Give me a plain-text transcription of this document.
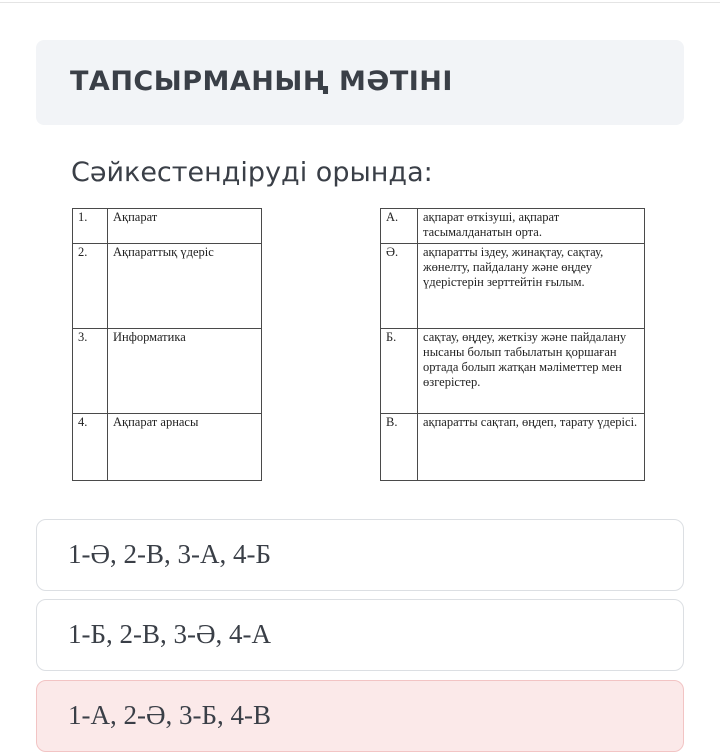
ТАПСЫРМАНЫҢ МӘТІНІ
Сәйкестендіруді орында:
1.	Ақпарат
2.	Ақпараттық үдеріс
3.	Информатика
4.	Ақпарат арнасы
А.	ақпарат өткізуші, ақпарат тасымалданатын орта.
Ә.	ақпаратты іздеу, жинақтау, сақтау, жөнелту, пайдалану және өңдеу үдерістерін зерттейтін ғылым.
Б.	сақтау, өңдеу, жеткізу және пайдалану нысаны болып табылатын қоршаған ортада болып жатқан мәліметтер мен өзгерістер.
В.	ақпаратты сақтап, өңдеп, тарату үдерісі.
1-Ә, 2-В, 3-А, 4-Б
1-Б, 2-В, 3-Ә, 4-А
1-А, 2-Ә, 3-Б, 4-В
